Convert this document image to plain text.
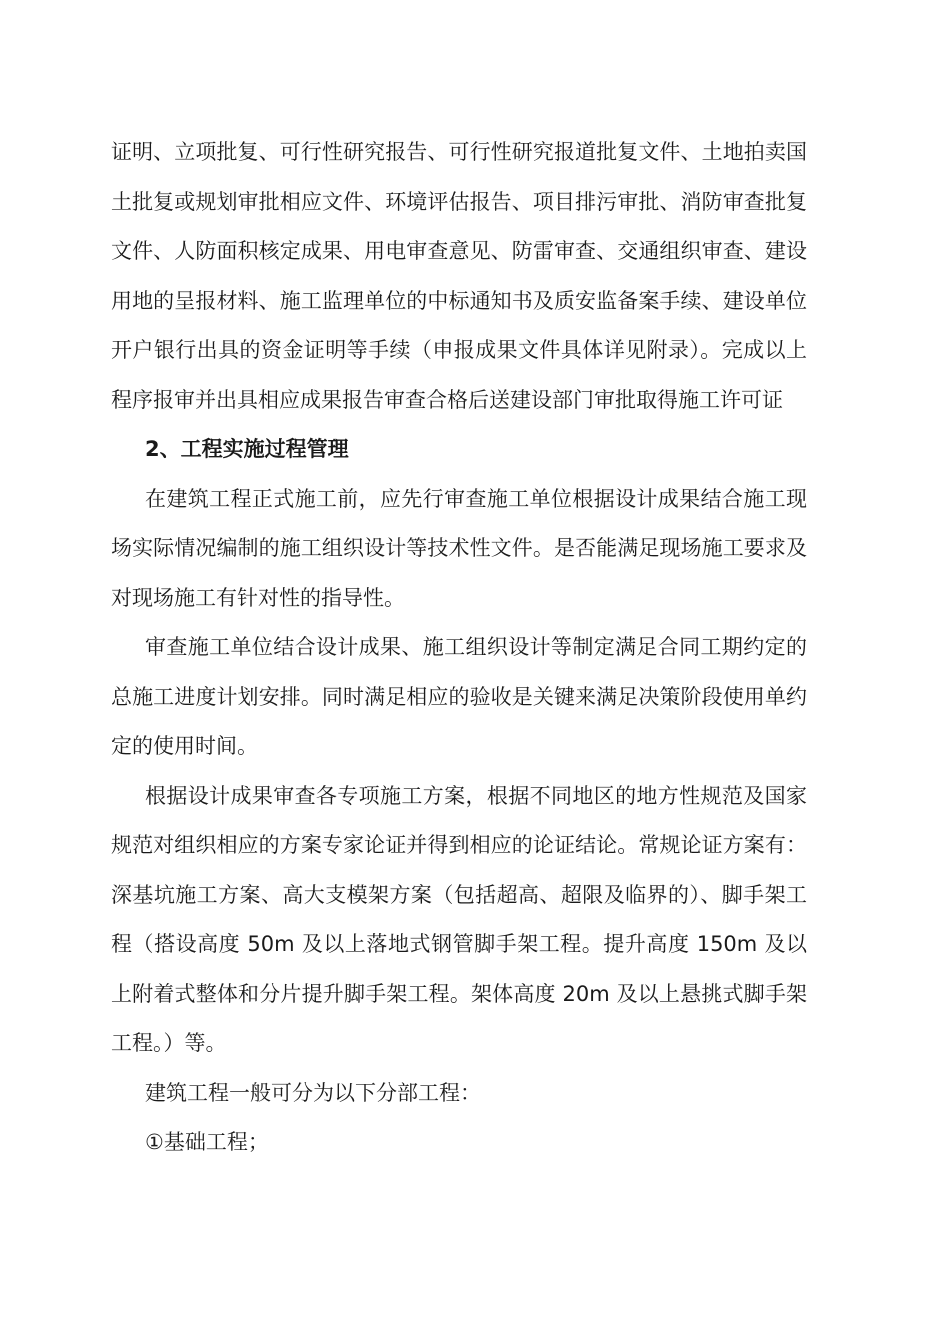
证明、立项批复、可行性研究报告、可行性研究报道批复文件、土地拍卖国土批复或规划审批相应文件、环境评估报告、项目排污审批、消防审查批复文件、人防面积核定成果、用电审查意见、防雷审查、交通组织审查、建设用地的呈报材料、施工监理单位的中标通知书及质安监备案手续、建设单位开户银行出具的资金证明等手续（申报成果文件具体详见附录）。完成以上程序报审并出具相应成果报告审查合格后送建设部门审批取得施工许可证

2、工程实施过程管理

在建筑工程正式施工前，应先行审查施工单位根据设计成果结合施工现场实际情况编制的施工组织设计等技术性文件。是否能满足现场施工要求及对现场施工有针对性的指导性。

审查施工单位结合设计成果、施工组织设计等制定满足合同工期约定的总施工进度计划安排。同时满足相应的验收是关键来满足决策阶段使用单约定的使用时间。

根据设计成果审查各专项施工方案，根据不同地区的地方性规范及国家规范对组织相应的方案专家论证并得到相应的论证结论。常规论证方案有：深基坑施工方案、高大支模架方案（包括超高、超限及临界的）、脚手架工程（搭设高度 50m 及以上落地式钢管脚手架工程。提升高度 150m 及以上附着式整体和分片提升脚手架工程。架体高度 20m 及以上悬挑式脚手架工程。）等。

建筑工程一般可分为以下分部工程：

①基础工程；
